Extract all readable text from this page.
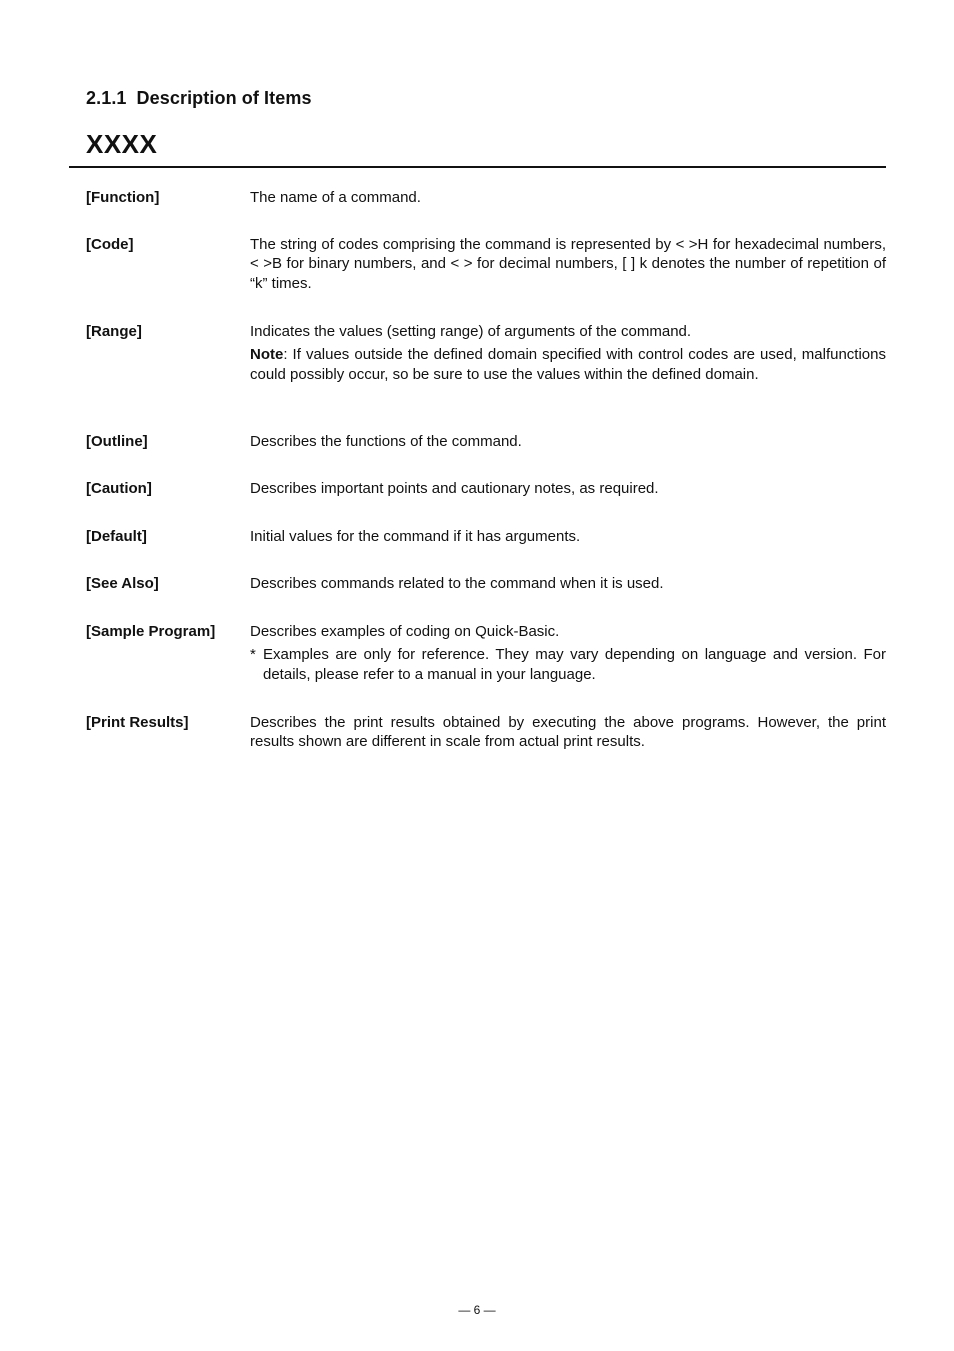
2.1.1 Description of Items
XXXX
[Function]	The name of a command.

[Code]	The string of codes comprising the command is represented by < >H for hexadecimal numbers, < >B for binary numbers, and < > for decimal numbers, [ ] k denotes the number of repetition of “k” times.

[Range]	Indicates the values (setting range) of arguments of the command.

Note: If values outside the defined domain specified with control codes are used, malfunctions could possibly occur, so be sure to use the values within the defined domain.

[Outline]	Describes the functions of the command.

[Caution]	Describes important points and cautionary notes, as required.

[Default]	Initial values for the command if it has arguments.

[See Also]	Describes commands related to the command when it is used.

[Sample Program]	Describes examples of coding on Quick-Basic.

* Examples are only for reference. They may vary depending on language and version. For details, please refer to a manual in your language.

[Print Results]	Describes the print results obtained by executing the above programs. However, the print results shown are different in scale from actual print results.

— 6 —
